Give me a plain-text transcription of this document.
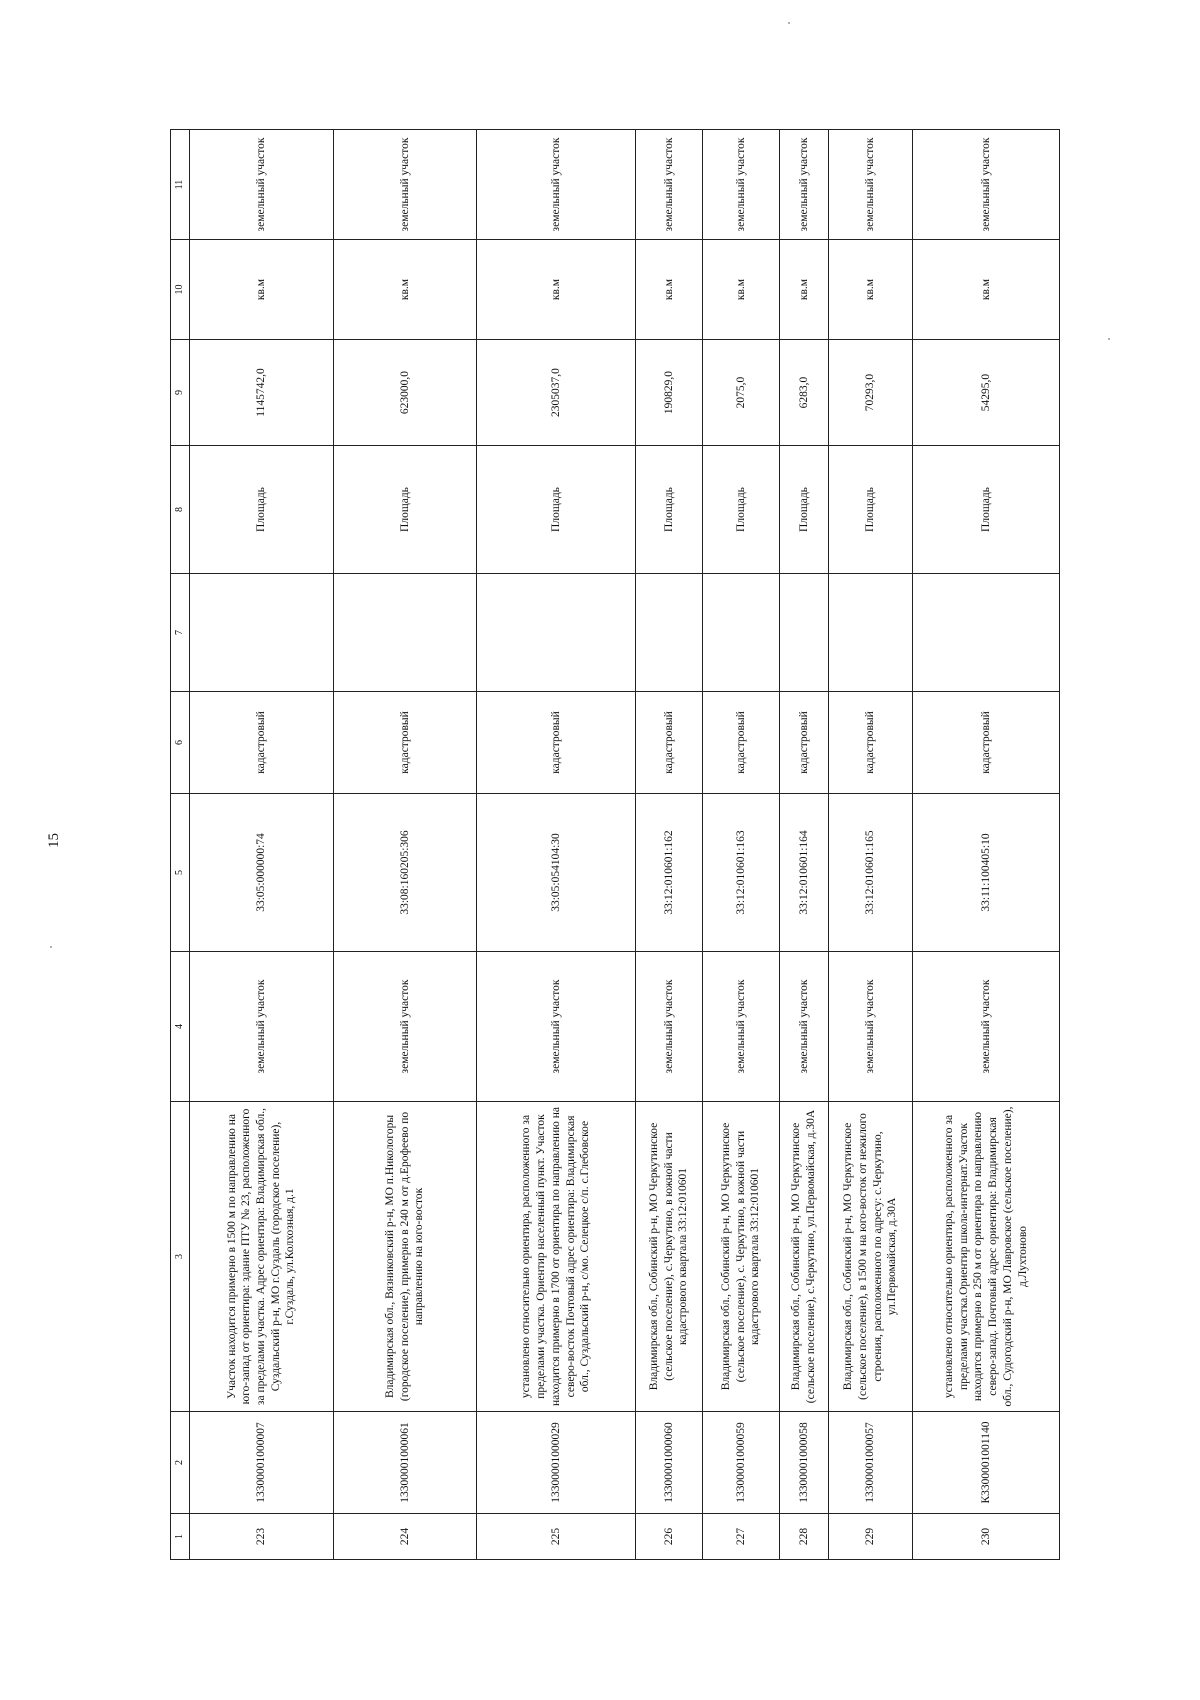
15
1	2	3	4	5	6	7	8	9	10	11
223	13300001000007	Участок находится примерно в 1500 м по направлению на юго-запад от ориентира: здание ПТУ № 23, расположенного за пределами участка. Адрес ориентира: Владимирская обл., Суздальский р-н, МО г.Суздаль (городское поселение), г.Суздаль, ул.Колхозная, д.1	земельный участок	33:05:000000:74	кадастровый		Площадь	1145742,0	кв.м	земельный участок
224	13300001000061	Владимирская обл., Вязниковский р-н, МО п.Никологоры (городское поселение), примерно в 240 м от д.Ерофеево по направлению на юго-восток	земельный участок	33:08:160205:306	кадастровый		Площадь	623000,0	кв.м	земельный участок
225	13300001000029	установлено относительно ориентира, расположенного за пределами участка. Ориентир населенный пункт. Участок находится примерно в 1700 от ориентира по направлению на северо-восток Почтовый адрес ориентира: Владимирская обл., Суздальский р-н, с/мо. Селецкое с/п. с.Глебовское	земельный участок	33:05:054104:30	кадастровый		Площадь	2305037,0	кв.м	земельный участок
226	13300001000060	Владимирская обл., Собинский р-н, МО Черкутинское (сельское поселение), с.Черкутино, в южной части кадастрового квартала 33:12:010601	земельный участок	33:12:010601:162	кадастровый		Площадь	190829,0	кв.м	земельный участок
227	13300001000059	Владимирская обл., Собинский р-н, МО Черкутинское (сельское поселение), с. Черкутино, в южной части кадастрового квартала 33:12:010601	земельный участок	33:12:010601:163	кадастровый		Площадь	2075,0	кв.м	земельный участок
228	13300001000058	Владимирская обл., Собинский р-н, МО Черкутинское (сельское поселение), с.Черкутино, ул.Первомайская, д.30А	земельный участок	33:12:010601:164	кадастровый		Площадь	6283,0	кв.м	земельный участок
229	13300001000057	Владимирская обл., Собинский р-н, МО Черкутинское (сельское поселение), в 1500 м на юго-восток от нежилого строения, расположенного по адресу: с.Черкутино, ул.Первомайская, д.30А	земельный участок	33:12:010601:165	кадастровый		Площадь	70293,0	кв.м	земельный участок
230	К3300001001140	установлено относительно ориентира, расположенного за пределами участка.Ориентир школа-интернат.Участок находится примерно в 250 м от ориентира по направлению северо-запад. Почтовый адрес ориентира: Владимирская обл., Судогодский р-н, МО Лавровское (сельское поселение), д.Лухтоново	земельный участок	33:11:100405:10	кадастровый		Площадь	54295,0	кв.м	земельный участок
